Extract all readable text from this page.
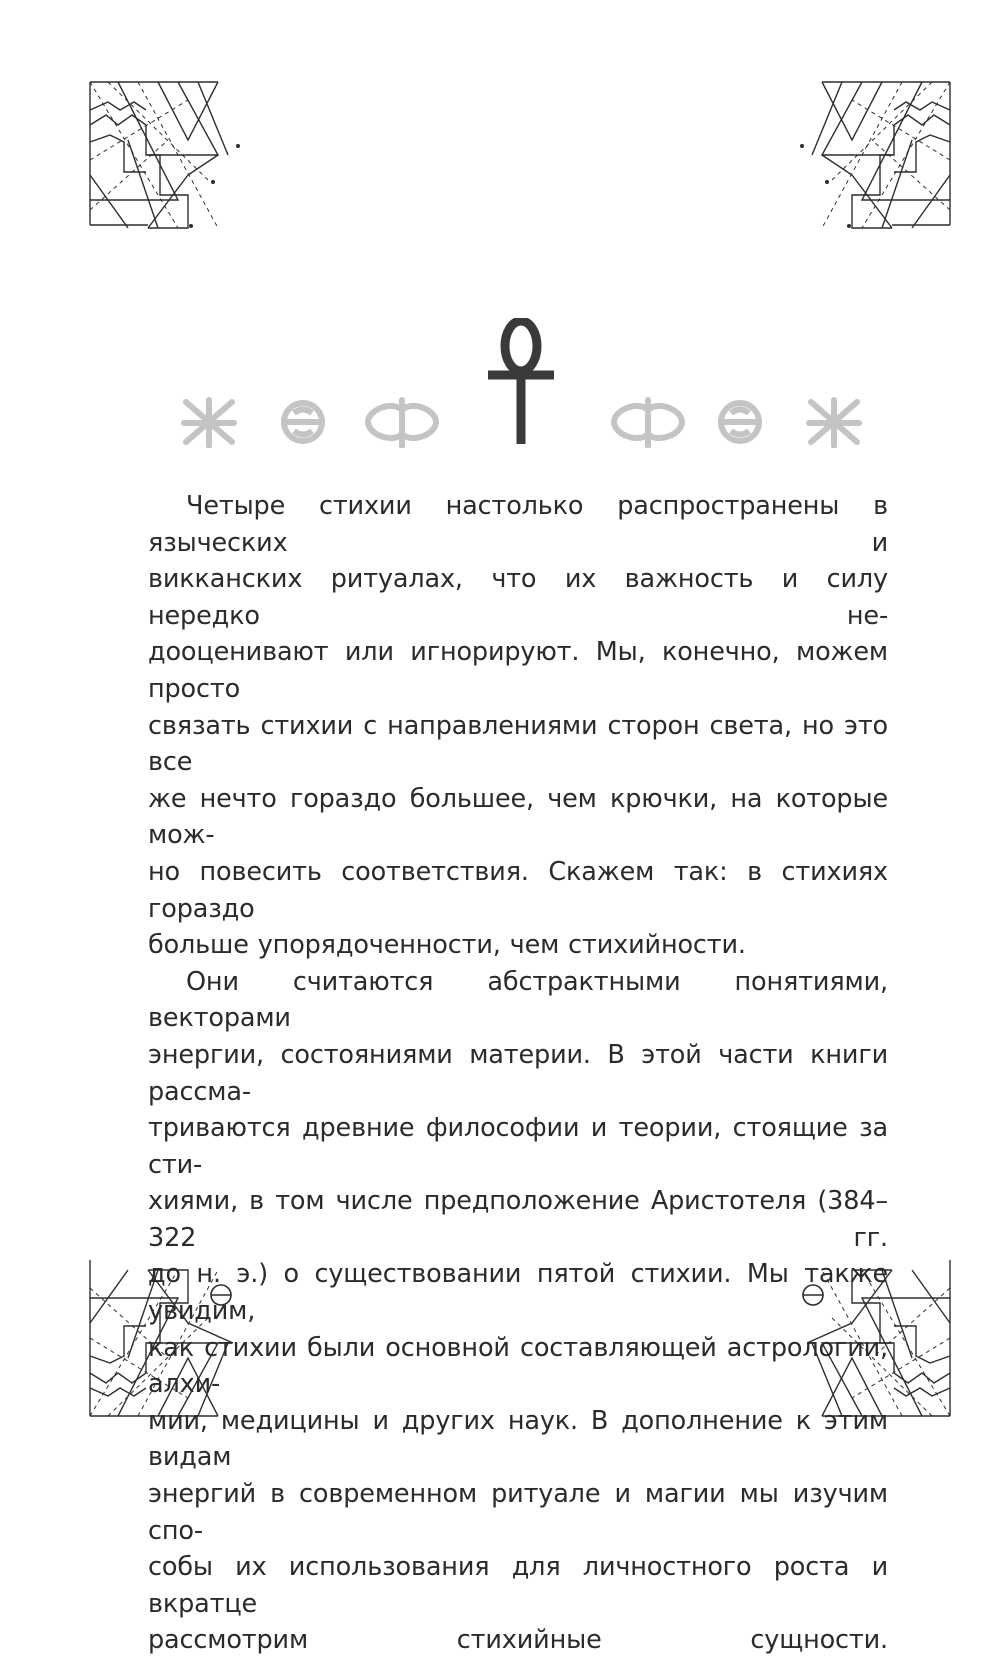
Четыре стихии настолько распространены в языческих и
викканских ритуалах, что их важность и силу нередко не-
дооценивают или игнорируют. Мы, конечно, можем просто
связать стихии с направлениями сторон света, но это все
же нечто гораздо большее, чем крючки, на которые мож-
но повесить соответствия. Скажем так: в стихиях гораздо
больше упорядоченности, чем стихийности.

Они считаются абстрактными понятиями, векторами
энергии, состояниями материи. В этой части книги рассма-
триваются древние философии и теории, стоящие за сти-
хиями, в том числе предположение Аристотеля (384–322 гг.
до н. э.) о существовании пятой стихии. Мы также увидим,
как стихии были основной составляющей астрологии, алхи-
мии, медицины и других наук. В дополнение к этим видам
энергий в современном ритуале и магии мы изучим спо-
собы их использования для личностного роста и вкратце
рассмотрим стихийные сущности.
